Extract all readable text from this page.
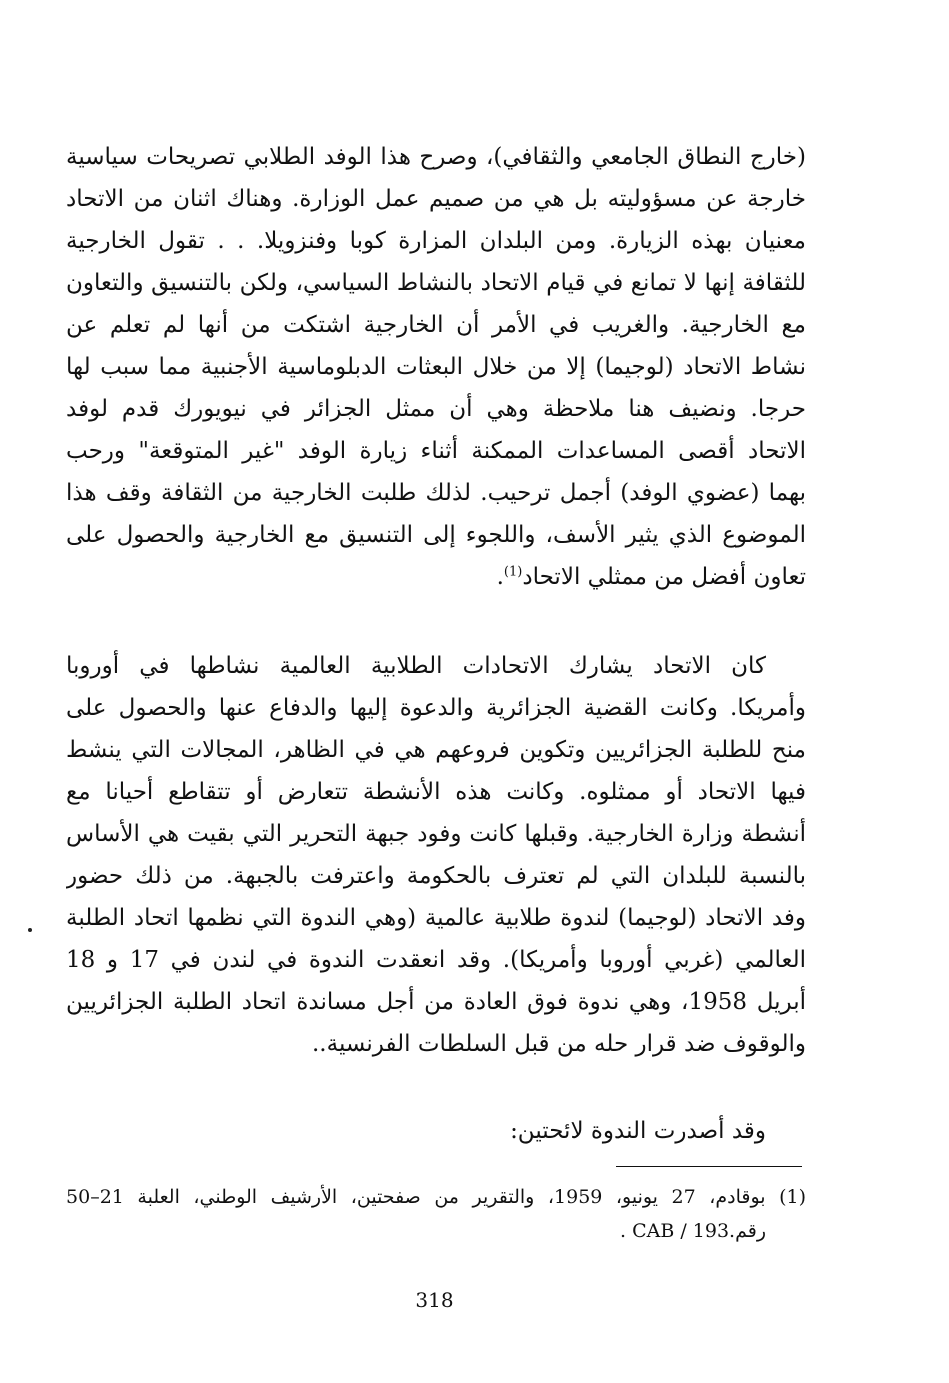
(خارج النطاق الجامعي والثقافي)، وصرح هذا الوفد الطلابي تصريحات سياسية
خارجة عن مسؤوليته بل هي من صميم عمل الوزارة. وهناك اثنان من الاتحاد
معنيان بهذه الزيارة. ومن البلدان المزارة كوبا وفنزويلا. . . تقول الخارجية
للثقافة إنها لا تمانع في قيام الاتحاد بالنشاط السياسي، ولكن بالتنسيق والتعاون
مع الخارجية. والغريب في الأمر أن الخارجية اشتكت من أنها لم تعلم عن
نشاط الاتحاد (لوجيما) إلا من خلال البعثات الدبلوماسية الأجنبية مما سبب لها
حرجا. ونضيف هنا ملاحظة وهي أن ممثل الجزائر في نيويورك قدم لوفد
الاتحاد أقصى المساعدات الممكنة أثناء زيارة الوفد "غير المتوقعة" ورحب
بهما (عضوي الوفد) أجمل ترحيب. لذلك طلبت الخارجية من الثقافة وقف هذا
الموضوع الذي يثير الأسف، واللجوء إلى التنسيق مع الخارجية والحصول على
تعاون أفضل من ممثلي الاتحاد$^{(1)}$.
كان الاتحاد يشارك الاتحادات الطلابية العالمية نشاطها في أوروبا
وأمريكا. وكانت القضية الجزائرية والدعوة إليها والدفاع عنها والحصول على
منح للطلبة الجزائريين وتكوين فروعهم هي في الظاهر، المجالات التي ينشط
فيها الاتحاد أو ممثلوه. وكانت هذه الأنشطة تتعارض أو تتقاطع أحيانا مع
أنشطة وزارة الخارجية. وقبلها كانت وفود جبهة التحرير التي بقيت هي الأساس
بالنسبة للبلدان التي لم تعترف بالحكومة واعترفت بالجبهة. من ذلك حضور
وفد الاتحاد (لوجيما) لندوة طلابية عالمية (وهي الندوة التي نظمها اتحاد الطلبة
العالمي (غربي أوروبا وأمريكا). وقد انعقدت الندوة في لندن في 17 و 18
أبريل 1958، وهي ندوة فوق العادة من أجل مساندة اتحاد الطلبة الجزائريين
والوقوف ضد قرار حله من قبل السلطات الفرنسية..
وقد أصدرت الندوة لائحتين:
(1) بوقادم، 27 يونيو، 1959، والتقرير من صفحتين، الأرشيف الوطني، العلبة 21–50
رقم.193 / CAB .
318
